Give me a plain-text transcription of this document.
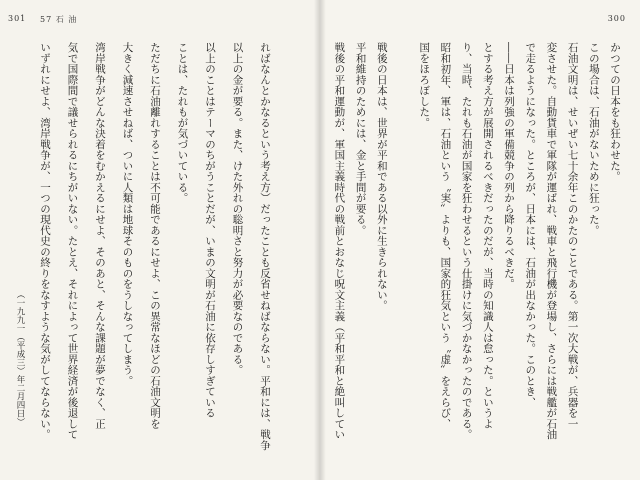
301 57 石 油
ればなんとかなるという考え方）だったことも反省せねばならない。平和には、戦争
以上の金が要る。また、けた外れの聡明さと努力が必要なのである。
以上のことはテーマのちがうことだが、いまの文明が石油に依存しすぎている
ことは、たれもが気づいている。
ただちに石油離れすることは不可能であるにせよ、この異常なほどの石油文明を
大きく減速させねば、ついに人類は地球そのものをうしなってしまう。
湾岸戦争がどんな決着をむかえるにせよ、そのあと、そんな課題が夢でなく、正
気で国際間で議せられるにちがいない。たとえ、それによって世界経済が後退して
いずれにせよ、湾岸戦争が、一つの現代史の終りをなすような気がしてならない。
（一九九一（平成三）年二月四日）
300
かつての日本をも狂わせた。
この場合は、石油がないために狂った。
石油文明は、せいぜい七十余年このかたのことである。第一次大戦が、兵器を一
変させた。自動貨車で軍隊が運ばれ、戦車と飛行機が登場し、さらには戦艦が石油
で走るようになった。ところが、日本には、石油が出なかった。このとき、
――日本は列強の軍備競争の列から降りるべきだ。
とする考え方が展開されるべきだったのだが、当時の知識人は怠った。というよ
り、当時、たれも石油が国家を狂わせるという仕掛けに気づかなかったのである。
昭和初年、軍は、石油という〝実〟よりも、国家的狂気という〝虚〟をえらび、
国をほろぼした。
戦後の日本は、世界が平和である以外に生きられない。
平和維持のためには、金と手間が要る。
戦後の平和運動が、軍国主義時代の戦前とおなじ呪文主義（平和平和と絶叫してい
